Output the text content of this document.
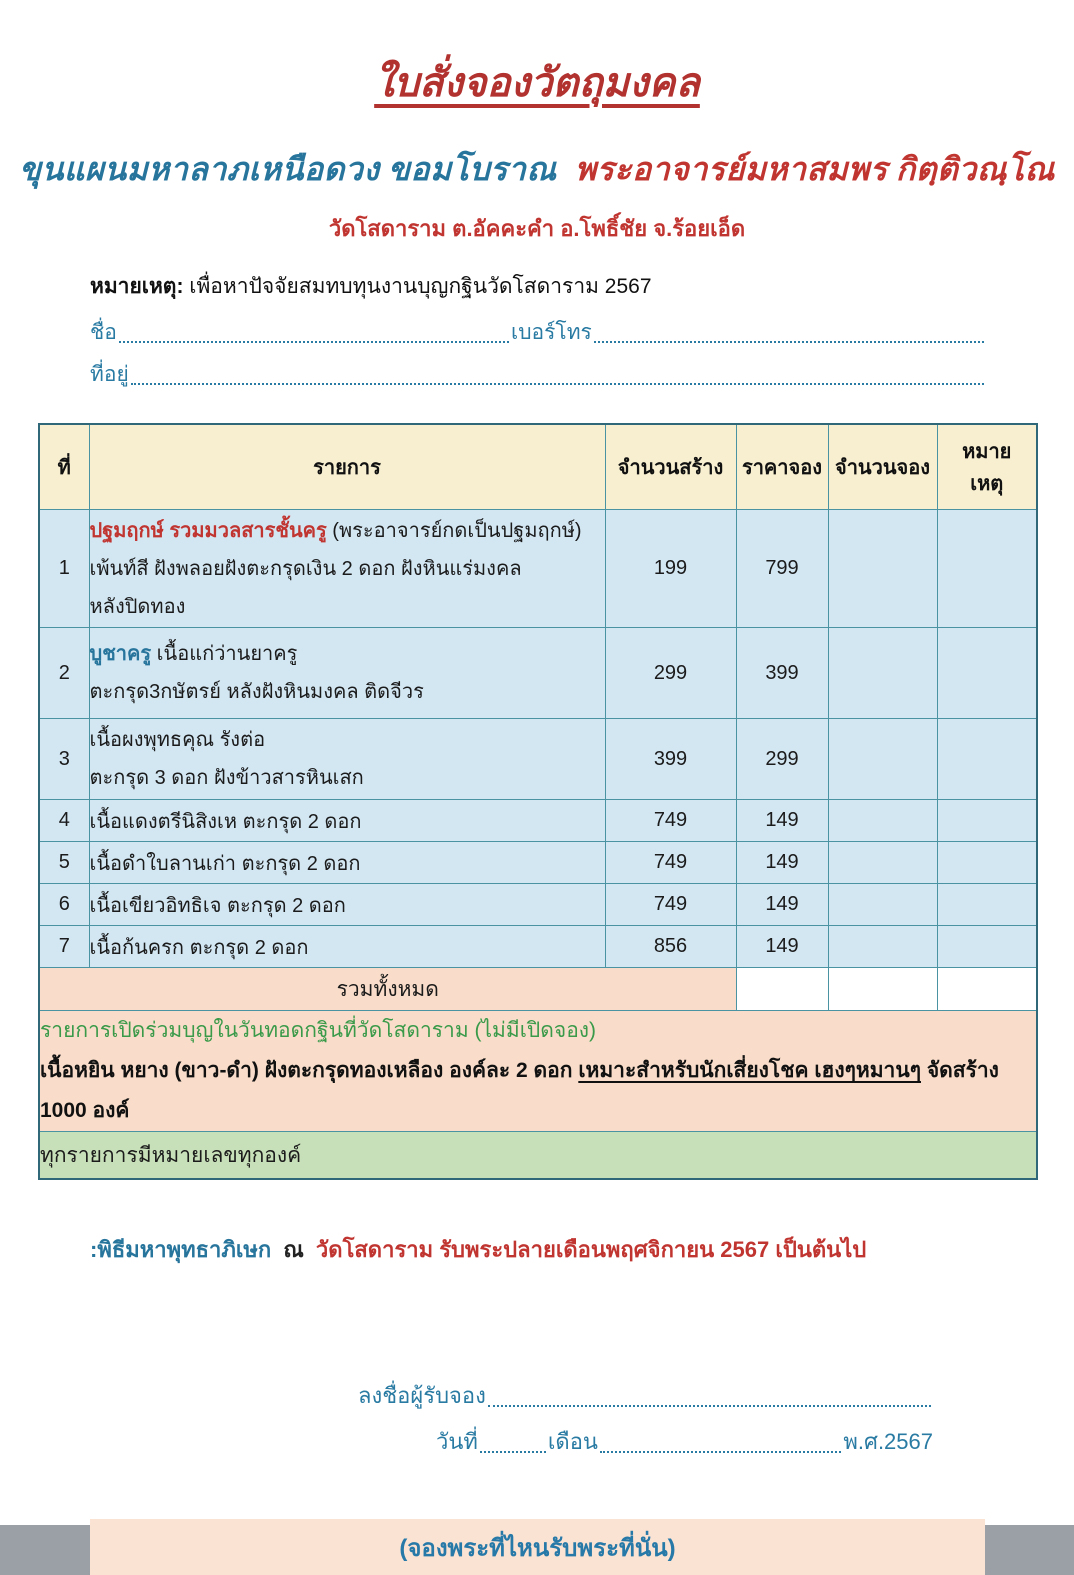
ใบสั่งจองวัตถุมงคล
ขุนแผนมหาลาภเหนือดวง ขอมโบราณ พระอาจารย์มหาสมพร กิตฺติวณฺโณ
วัดโสดาราม ต.อัคคะคำ อ.โพธิ์ชัย จ.ร้อยเอ็ด
หมายเหตุ: เพื่อหาปัจจัยสมทบทุนงานบุญกฐินวัดโสดาราม 2567
ชื่อ	เบอร์โทร
ที่อยู่
ที่	รายการ	จำนวนสร้าง	ราคาจอง	จำนวนจอง	หมาย
เหตุ

1	ปฐมฤกษ์ รวมมวลสารชั้นครู (พระอาจารย์กดเป็นปฐมฤกษ์)
เพ้นท์สี ฝังพลอยฝังตะกรุดเงิน 2 ดอก ฝังหินแร่มงคล
หลังปิดทอง	199	799		
2	บูชาครู เนื้อแก่ว่านยาครู
ตะกรุด3กษัตรย์ หลังฝังหินมงคล ติดจีวร	299	399		
3	เนื้อผงพุทธคุณ รังต่อ
ตะกรุด 3 ดอก ฝังข้าวสารหินเสก	399	299		
4	เนื้อแดงตรีนิสิงเห ตะกรุด 2 ดอก	749	149		
5	เนื้อดำใบลานเก่า ตะกรุด 2 ดอก	749	149		
6	เนื้อเขียวอิทธิเจ ตะกรุด 2 ดอก	749	149		
7	เนื้อก้นครก ตะกรุด 2 ดอก	856	149		
รวมทั้งหมด					

รายการเปิดร่วมบุญในวันทอดกฐินที่วัดโสดาราม (ไม่มีเปิดจอง)
เนื้อหยิน หยาง (ขาว-ดำ) ฝังตะกรุดทองเหลือง องค์ละ 2 ดอก เหมาะสำหรับนักเสี่ยงโชค เฮงๆหมานๆ จัดสร้าง 1000 องค์					

ทุกรายการมีหมายเลขทุกองค์					
:พิธีมหาพุทธาภิเษก ณ วัดโสดาราม รับพระปลายเดือนพฤศจิกายน 2567 เป็นต้นไป
ลงชื่อผู้รับจอง
วันที่	เดือน	พ.ศ.2567
(จองพระที่ไหนรับพระที่นั่น)
